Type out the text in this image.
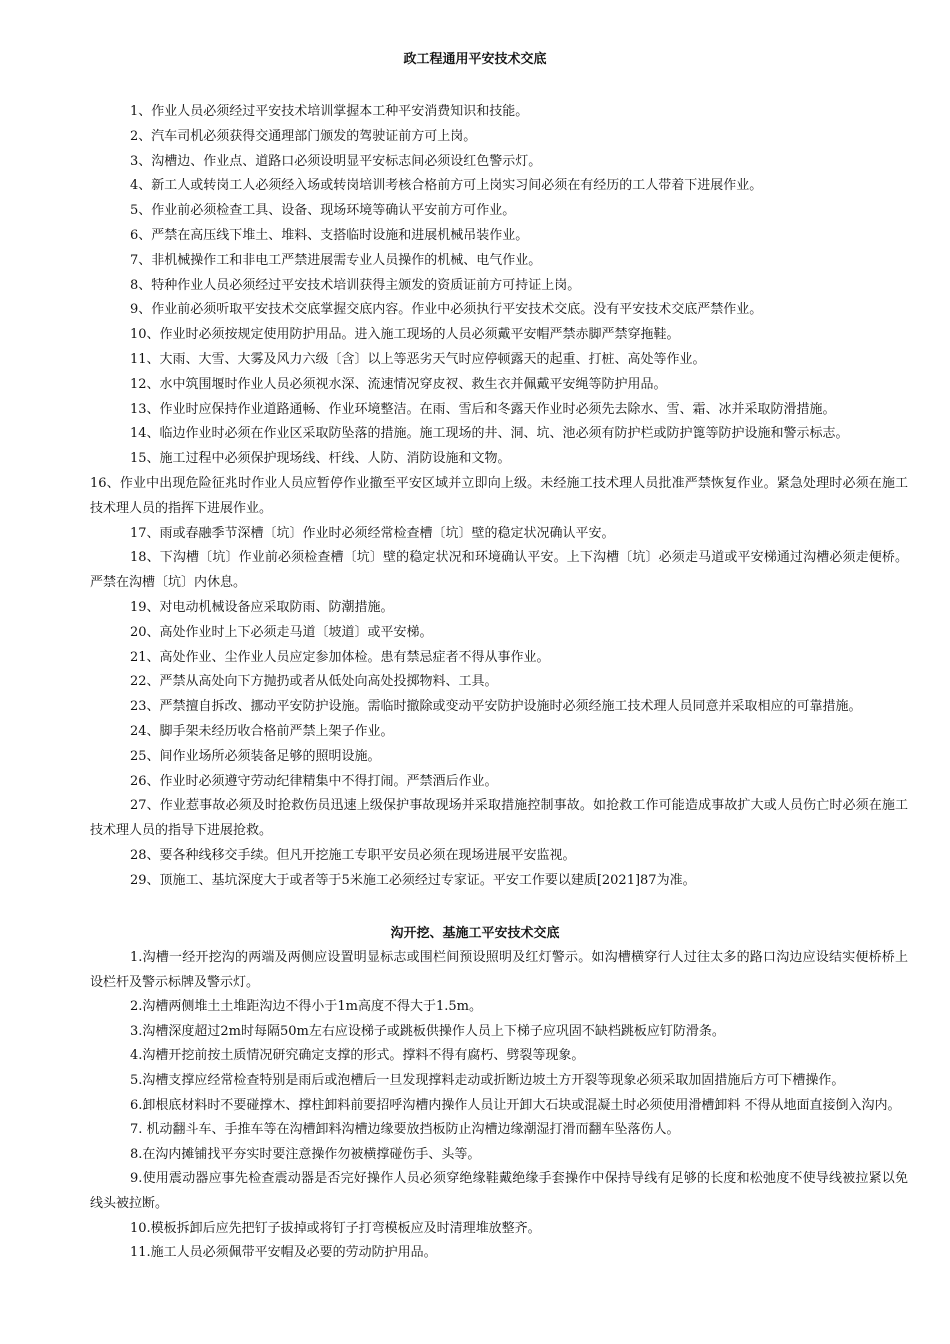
政工程通用平安技术交底

1、作业人员必须经过平安技术培训掌握本工种平安消费知识和技能。

2、汽车司机必须获得交通理部门颁发的驾驶证前方可上岗。

3、沟槽边、作业点、道路口必须设明显平安标志间必须设红色警示灯。

4、新工人或转岗工人必须经入场或转岗培训考核合格前方可上岗实习间必须在有经历的工人带着下进展作业。

5、作业前必须检查工具、设备、现场环境等确认平安前方可作业。

6、严禁在高压线下堆土、堆料、支搭临时设施和进展机械吊装作业。

7、非机械操作工和非电工严禁进展需专业人员操作的机械、电气作业。

8、特种作业人员必须经过平安技术培训获得主颁发的资质证前方可持证上岗。

9、作业前必须听取平安技术交底掌握交底内容。作业中必须执行平安技术交底。没有平安技术交底严禁作业。

10、作业时必须按规定使用防护用品。进入施工现场的人员必须戴平安帽严禁赤脚严禁穿拖鞋。

11、大雨、大雪、大雾及风力六级〔含〕以上等恶劣天气时应停顿露天的起重、打桩、高处等作业。

12、水中筑围堰时作业人员必须视水深、流速情况穿皮衩、救生衣并佩戴平安绳等防护用品。

13、作业时应保持作业道路通畅、作业环境整洁。在雨、雪后和冬露天作业时必须先去除水、雪、霜、冰并采取防滑措施。

14、临边作业时必须在作业区采取防坠落的措施。施工现场的井、洞、坑、池必须有防护栏或防护篦等防护设施和警示标志。

15、施工过程中必须保护现场线、杆线、人防、消防设施和文物。

16、作业中出现危险征兆时作业人员应暂停作业撤至平安区域并立即向上级。未经施工技术理人员批准严禁恢复作业。紧急处理时必须在施工技术理人员的指挥下进展作业。

17、雨或春融季节深槽〔坑〕作业时必须经常检查槽〔坑〕壁的稳定状况确认平安。

18、下沟槽〔坑〕作业前必须检查槽〔坑〕壁的稳定状况和环境确认平安。上下沟槽〔坑〕必须走马道或平安梯通过沟槽必须走便桥。严禁在沟槽〔坑〕内休息。

19、对电动机械设备应采取防雨、防潮措施。

20、高处作业时上下必须走马道〔坡道〕或平安梯。

21、高处作业、尘作业人员应定参加体检。患有禁忌症者不得从事作业。

22、严禁从高处向下方抛扔或者从低处向高处投掷物料、工具。

23、严禁擅自拆改、挪动平安防护设施。需临时撤除或变动平安防护设施时必须经施工技术理人员同意并采取相应的可靠措施。

24、脚手架未经历收合格前严禁上架子作业。

25、间作业场所必须装备足够的照明设施。

26、作业时必须遵守劳动纪律精集中不得打闹。严禁酒后作业。

27、作业惹事故必须及时抢救伤员迅速上级保护事故现场并采取措施控制事故。如抢救工作可能造成事故扩大或人员伤亡时必须在施工技术理人员的指导下进展抢救。

28、要各种线移交手续。但凡开挖施工专职平安员必须在现场进展平安监视。

29、顶施工、基坑深度大于或者等于5米施工必须经过专家证。平安工作要以建质[2021]87为准。

沟开挖、基施工平安技术交底

1.沟槽一经开挖沟的两端及两侧应设置明显标志或围栏间预设照明及红灯警示。如沟槽横穿行人过往太多的路口沟边应设结实便桥桥上设栏杆及警示标牌及警示灯。

2.沟槽两侧堆土土堆距沟边不得小于1m高度不得大于1.5m。

3.沟槽深度超过2m时每隔50m左右应设梯子或跳板供操作人员上下梯子应巩固不缺档跳板应钉防滑条。

4.沟槽开挖前按土质情况研究确定支撑的形式。撑料不得有腐朽、劈裂等现象。

5.沟槽支撑应经常检查特别是雨后或泡槽后一旦发现撑料走动或折断边坡土方开裂等现象必须采取加固措施后方可下槽操作。

6.卸根底材料时不要碰撑木、撑柱卸料前要招呼沟槽内操作人员让开卸大石块或混凝土时必须使用滑槽卸料 不得从地面直接倒入沟内。

7. 机动翻斗车、手推车等在沟槽卸料沟槽边缘要放挡板防止沟槽边缘潮湿打滑而翻车坠落伤人。

8.在沟内摊铺找平夯实时要注意操作勿被横撑碰伤手、头等。

9.使用震动器应事先检查震动器是否完好操作人员必须穿绝缘鞋戴绝缘手套操作中保持导线有足够的长度和松弛度不使导线被拉紧以免线头被拉断。

10.模板拆卸后应先把钉子拔掉或将钉子打弯模板应及时清理堆放整齐。

11.施工人员必须佩带平安帽及必要的劳动防护用品。
